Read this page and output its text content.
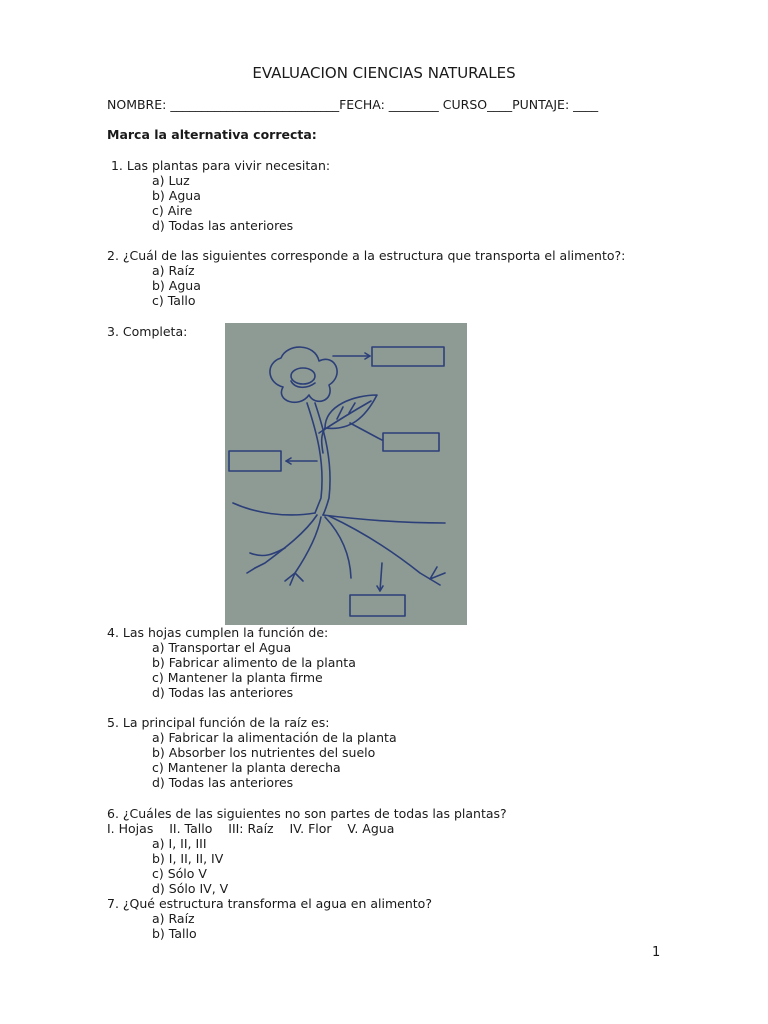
EVALUACION CIENCIAS NATURALES
NOMBRE: ___________________________FECHA: ________ CURSO____PUNTAJE: ____
Marca la alternativa correcta:
1. Las plantas para vivir necesitan:
a) Luz
b) Agua
c) Aire
d) Todas las anteriores
2. ¿Cuál de las siguientes corresponde a la estructura que transporta el alimento?:
a) Raíz
b) Agua
c) Tallo
3. Completa:
4. Las hojas cumplen la función de:
a) Transportar el Agua
b) Fabricar alimento de la planta
c) Mantener la planta firme
d) Todas las anteriores
5. La principal función de la raíz es:
a) Fabricar la alimentación de la planta
b) Absorber los nutrientes del suelo
c) Mantener la planta derecha
d) Todas las anteriores
6. ¿Cuáles de las siguientes no son partes de todas las plantas?
I. Hojas    II. Tallo    III: Raíz    IV. Flor    V. Agua
a) I, II, III
b) I, II, II, IV
c) Sólo V
d) Sólo IV, V
7. ¿Qué estructura transforma el agua en alimento?
a) Raíz
b) Tallo
1
